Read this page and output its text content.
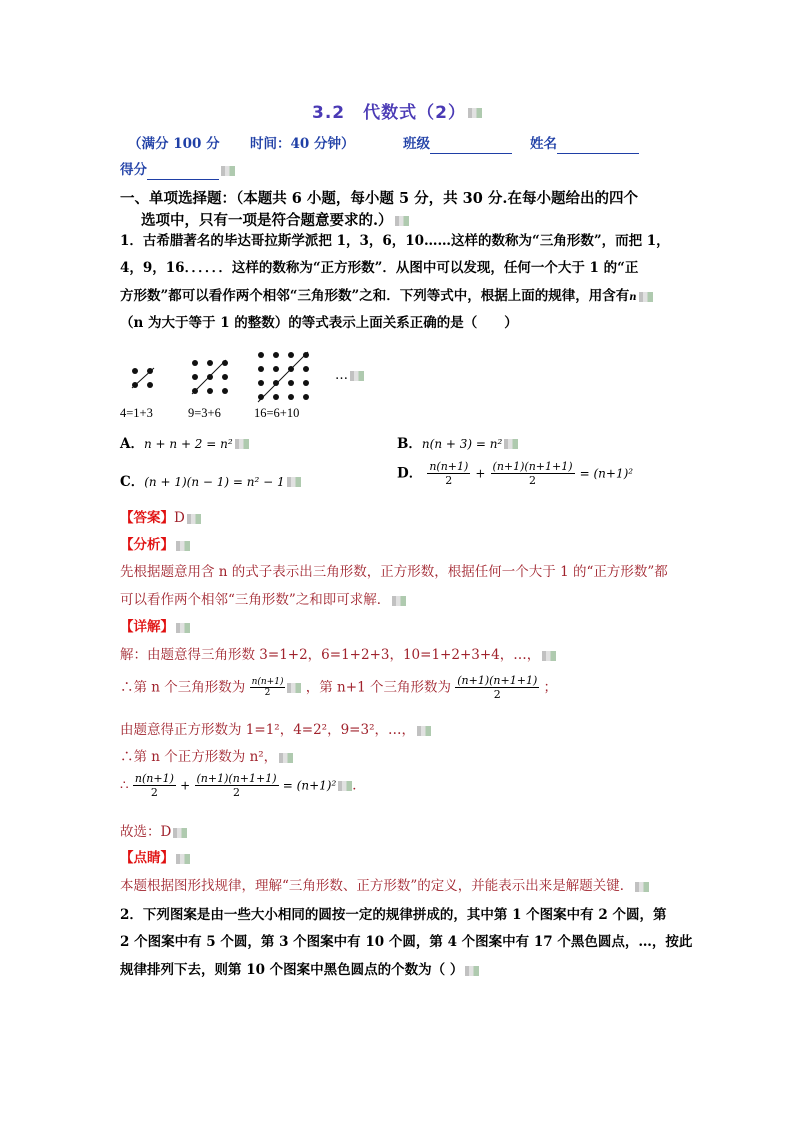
3.2　代数式（2）
（满分 100 分 时间：40 分钟）	班级	姓名
得分
一、单项选择题：（本题共 6 小题，每小题 5 分，共 30 分.在每小题给出的四个
选项中，只有一项是符合题意要求的.）
1．古希腊著名的毕达哥拉斯学派把 1，3，6，10……这样的数称为“三角形数”，而把 1，
4，9，16．．．．．．这样的数称为“正方形数”．从图中可以发现，任何一个大于 1 的“正
方形数”都可以看作两个相邻“三角形数”之和．下列等式中，根据上面的规律，用含有n
（n 为大于等于 1 的整数）的等式表示上面关系正确的是（　　）
…
4=1+3	9=3+6	16=6+10
A．n + n + 2 = n²	B．n(n + 3) = n²
C．(n + 1)(n − 1) = n² − 1
D． $\frac{n(n+1)}{2} + \frac{(n+1)(n+1+1)}{2} = (n+1)^2$
【答案】D
【分析】
先根据题意用含 n 的式子表示出三角形数，正方形数，根据任何一个大于 1 的“正方形数”都
可以看作两个相邻“三角形数”之和即可求解．
【详解】
解：由题意得三角形数 3=1+2，6=1+2+3，10=1+2+3+4，…，
∴第 n 个三角形数为 $\frac{n(n+1)}{2}$ ，第 n+1 个三角形数为 $\frac{(n+1)(n+1+1)}{2}$ ；
由题意得正方形数为 1=1²，4=2²，9=3²，…，
∴第 n 个正方形数为 n²，
∴ $\frac{n(n+1)}{2} + \frac{(n+1)(n+1+1)}{2} = (n+1)^2$ ．
故选：D
【点睛】
本题根据图形找规律，理解“三角形数、正方形数”的定义，并能表示出来是解题关键．
2．下列图案是由一些大小相同的圆按一定的规律拼成的，其中第 1 个图案中有 2 个圆，第
2 个图案中有 5 个圆，第 3 个图案中有 10 个圆，第 4 个图案中有 17 个黑色圆点，…，按此
规律排列下去，则第 10 个图案中黑色圆点的个数为（ ）
